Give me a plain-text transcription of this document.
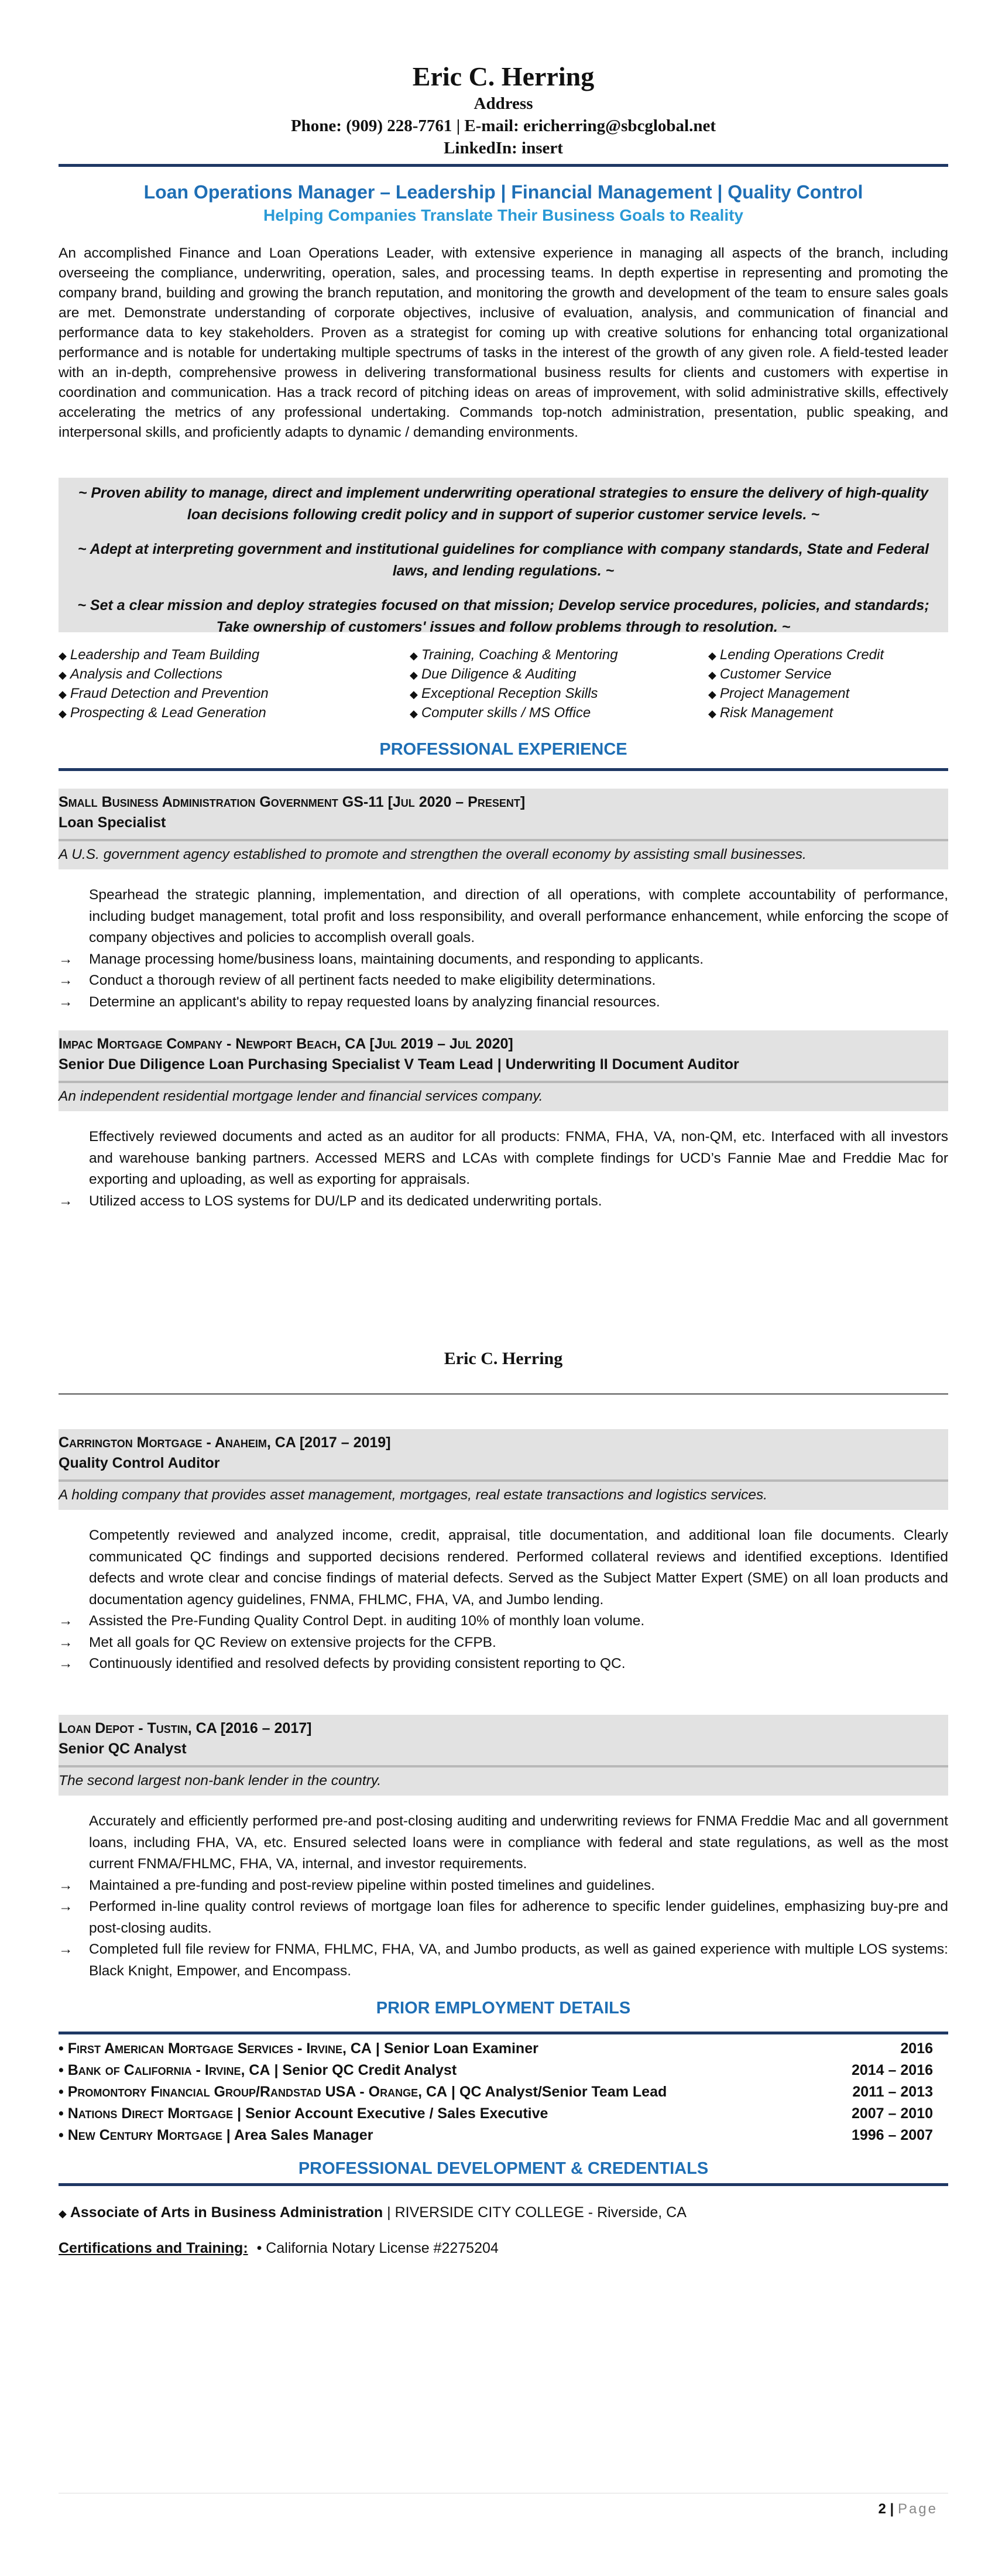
Eric C. Herring
Address
Phone: (909) 228-7761 | E-mail: ericherring@sbcglobal.net
LinkedIn: insert
Loan Operations Manager – Leadership | Financial Management | Quality Control
Helping Companies Translate Their Business Goals to Reality
An accomplished Finance and Loan Operations Leader, with extensive experience in managing all aspects of the branch, including overseeing the compliance, underwriting, operation, sales, and processing teams. In depth expertise in representing and promoting the company brand, building and growing the branch reputation, and monitoring the growth and development of the team to ensure sales goals are met. Demonstrate understanding of corporate objectives, inclusive of evaluation, analysis, and communication of financial and performance data to key stakeholders. Proven as a strategist for coming up with creative solutions for enhancing total organizational performance and is notable for undertaking multiple spectrums of tasks in the interest of the growth of any given role. A field-tested leader with an in-depth, comprehensive prowess in delivering transformational business results for clients and customers with expertise in coordination and communication. Has a track record of pitching ideas on areas of improvement, with solid administrative skills, effectively accelerating the metrics of any professional undertaking. Commands top-notch administration, presentation, public speaking, and interpersonal skills, and proficiently adapts to dynamic / demanding environments.

~ Proven ability to manage, direct and implement underwriting operational strategies to ensure the delivery of high-quality loan decisions following credit policy and in support of superior customer service levels. ~

~ Adept at interpreting government and institutional guidelines for compliance with company standards, State and Federal laws, and lending regulations. ~

~ Set a clear mission and deploy strategies focused on that mission; Develop service procedures, policies, and standards; Take ownership of customers' issues and follow problems through to resolution. ~

◆ Leadership and Team Building	◆ Training, Coaching & Mentoring	◆ Lending Operations Credit
◆ Analysis and Collections	◆ Due Diligence & Auditing	◆ Customer Service
◆ Fraud Detection and Prevention	◆ Exceptional Reception Skills	◆ Project Management
◆ Prospecting & Lead Generation	◆ Computer skills / MS Office	◆ Risk Management
PROFESSIONAL EXPERIENCE
Small Business Administration Government GS-11 [Jul 2020 – Present]
Loan Specialist
A U.S. government agency established to promote and strengthen the overall economy by assisting small businesses.

Spearhead the strategic planning, implementation, and direction of all operations, with complete accountability of performance, including budget management, total profit and loss responsibility, and overall performance enhancement, while enforcing the scope of company objectives and policies to accomplish overall goals.

→	Manage processing home/business loans, maintaining documents, and responding to applicants.
→	Conduct a thorough review of all pertinent facts needed to make eligibility determinations.
→	Determine an applicant's ability to repay requested loans by analyzing financial resources.
Impac Mortgage Company - Newport Beach, CA [Jul 2019 – Jul 2020]
Senior Due Diligence Loan Purchasing Specialist V Team Lead | Underwriting II Document Auditor
An independent residential mortgage lender and financial services company.

Effectively reviewed documents and acted as an auditor for all products: FNMA, FHA, VA, non-QM, etc. Interfaced with all investors and warehouse banking partners. Accessed MERS and LCAs with complete findings for UCD’s Fannie Mae and Freddie Mac for exporting and uploading, as well as exporting for appraisals.

→	Utilized access to LOS systems for DU/LP and its dedicated underwriting portals.
Eric C. Herring
Carrington Mortgage - Anaheim, CA [2017 – 2019]
Quality Control Auditor
A holding company that provides asset management, mortgages, real estate transactions and logistics services.

Competently reviewed and analyzed income, credit, appraisal, title documentation, and additional loan file documents. Clearly communicated QC findings and supported decisions rendered. Performed collateral reviews and identified exceptions. Identified defects and wrote clear and concise findings of material defects. Served as the Subject Matter Expert (SME) on all loan products and documentation agency guidelines, FNMA, FHLMC, FHA, VA, and Jumbo lending.

→	Assisted the Pre-Funding Quality Control Dept. in auditing 10% of monthly loan volume.
→	Met all goals for QC Review on extensive projects for the CFPB.
→	Continuously identified and resolved defects by providing consistent reporting to QC.
Loan Depot - Tustin, CA [2016 – 2017]
Senior QC Analyst
The second largest non-bank lender in the country.

Accurately and efficiently performed pre-and post-closing auditing and underwriting reviews for FNMA Freddie Mac and all government loans, including FHA, VA, etc. Ensured selected loans were in compliance with federal and state regulations, as well as the most current FNMA/FHLMC, FHA, VA, internal, and investor requirements.

→	Maintained a pre-funding and post-review pipeline within posted timelines and guidelines.
→	Performed in-line quality control reviews of mortgage loan files for adherence to specific lender guidelines, emphasizing buy-pre and post-closing audits.
→	Completed full file review for FNMA, FHLMC, FHA, VA, and Jumbo products, as well as gained experience with multiple LOS systems: Black Knight, Empower, and Encompass.
PRIOR EMPLOYMENT DETAILS
• First American Mortgage Services - Irvine, CA | Senior Loan Examiner	2016
• Bank of California - Irvine, CA | Senior QC Credit Analyst	2014 – 2016
• Promontory Financial Group/Randstad USA - Orange, CA | QC Analyst/Senior Team Lead	2011 – 2013
• Nations Direct Mortgage | Senior Account Executive / Sales Executive	2007 – 2010
• New Century Mortgage | Area Sales Manager	1996 – 2007
PROFESSIONAL DEVELOPMENT & CREDENTIALS
◆ Associate of Arts in Business Administration | RIVERSIDE CITY COLLEGE - Riverside, CA
Certifications and Training: • California Notary License #2275204
2 | Page
